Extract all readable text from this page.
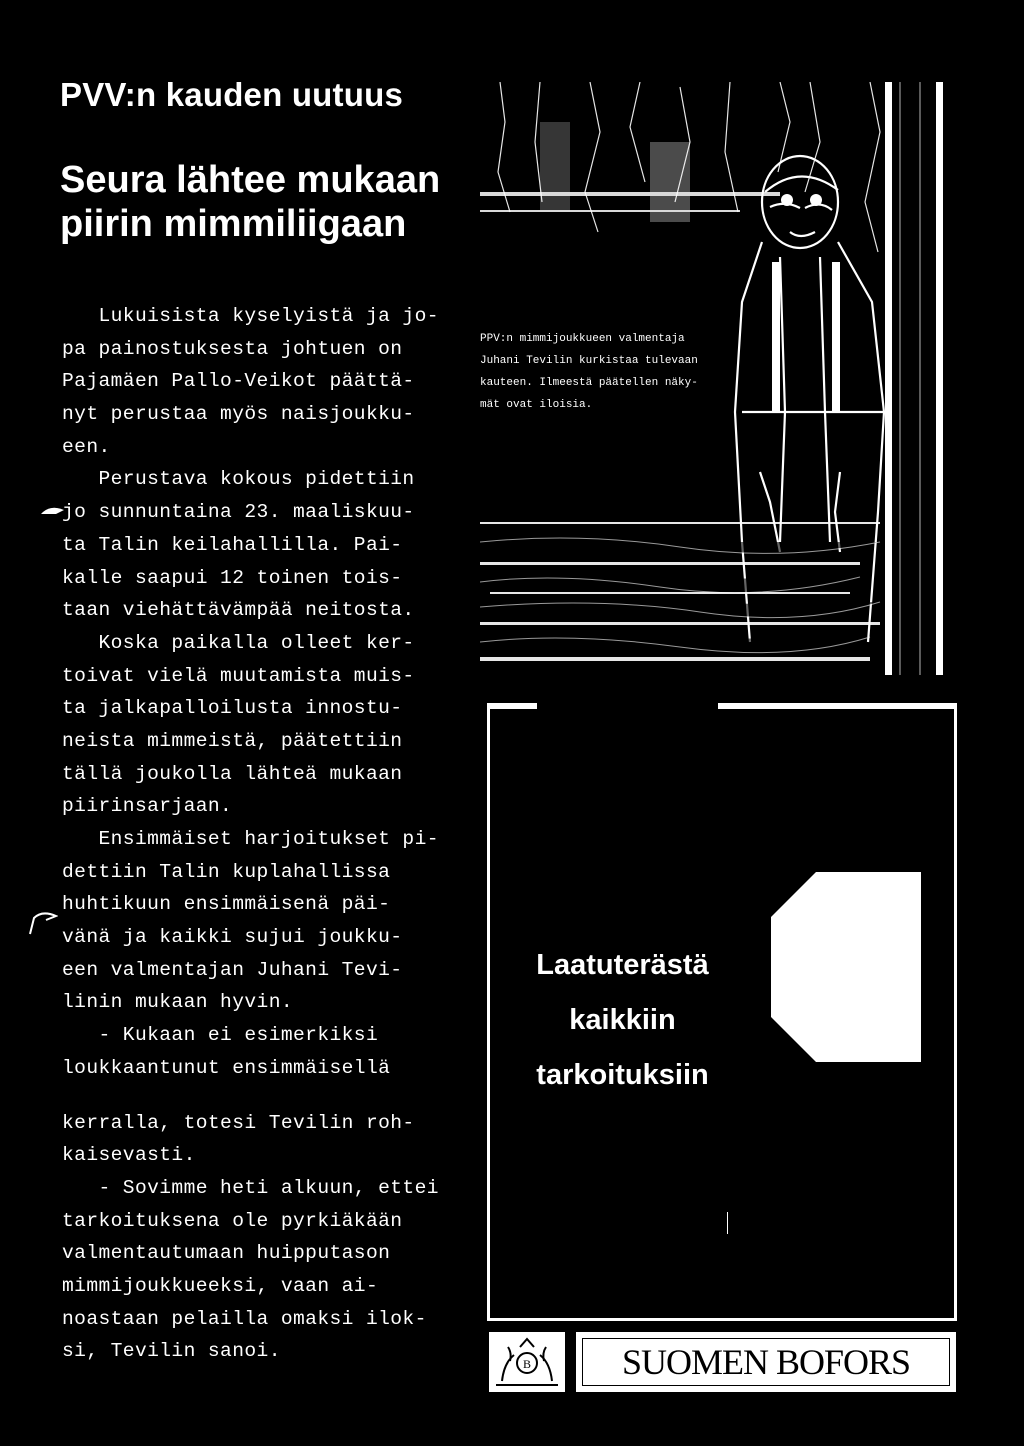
PVV:n kauden uutuus
Seura lähtee mukaan
piirin mimmiliigaan
Lukuisista kyselyistä ja jo-
pa painostuksesta johtuen on
Pajamäen Pallo-Veikot päättä-
nyt perustaa myös naisjoukku-
een.
Perustava kokous pidettiin
jo sunnuntaina 23. maaliskuu-
ta Talin keilahallilla. Pai-
kalle saapui 12 toinen tois-
taan viehättävämpää neitosta.
Koska paikalla olleet ker-
toivat vielä muutamista muis-
ta jalkapalloilusta innostu-
neista mimmeistä, päätettiin
tällä joukolla lähteä mukaan
piirinsarjaan.
Ensimmäiset harjoitukset pi-
dettiin Talin kuplahallissa
huhtikuun ensimmäisenä päi-
vänä ja kaikki sujui joukku-
een valmentajan Juhani Tevi-
linin mukaan hyvin.
- Kukaan ei esimerkiksi
loukkaantunut ensimmäisellä
kerralla, totesi Tevilin roh-
kaisevasti.
- Sovimme heti alkuun, ettei
tarkoituksena ole pyrkiäkään
valmentautumaan huipputason
mimmijoukkueeksi, vaan ai-
noastaan pelailla omaksi ilok-
si, Tevilin sanoi.
PPV:n mimmijoukkueen valmentaja
Juhani Tevilin kurkistaa tulevaan
kauteen. Ilmeestä päätellen näky-
mät ovat iloisia.
Laatuterästä
kaikkiin
tarkoituksiin
B	SUOMEN BOFORS
